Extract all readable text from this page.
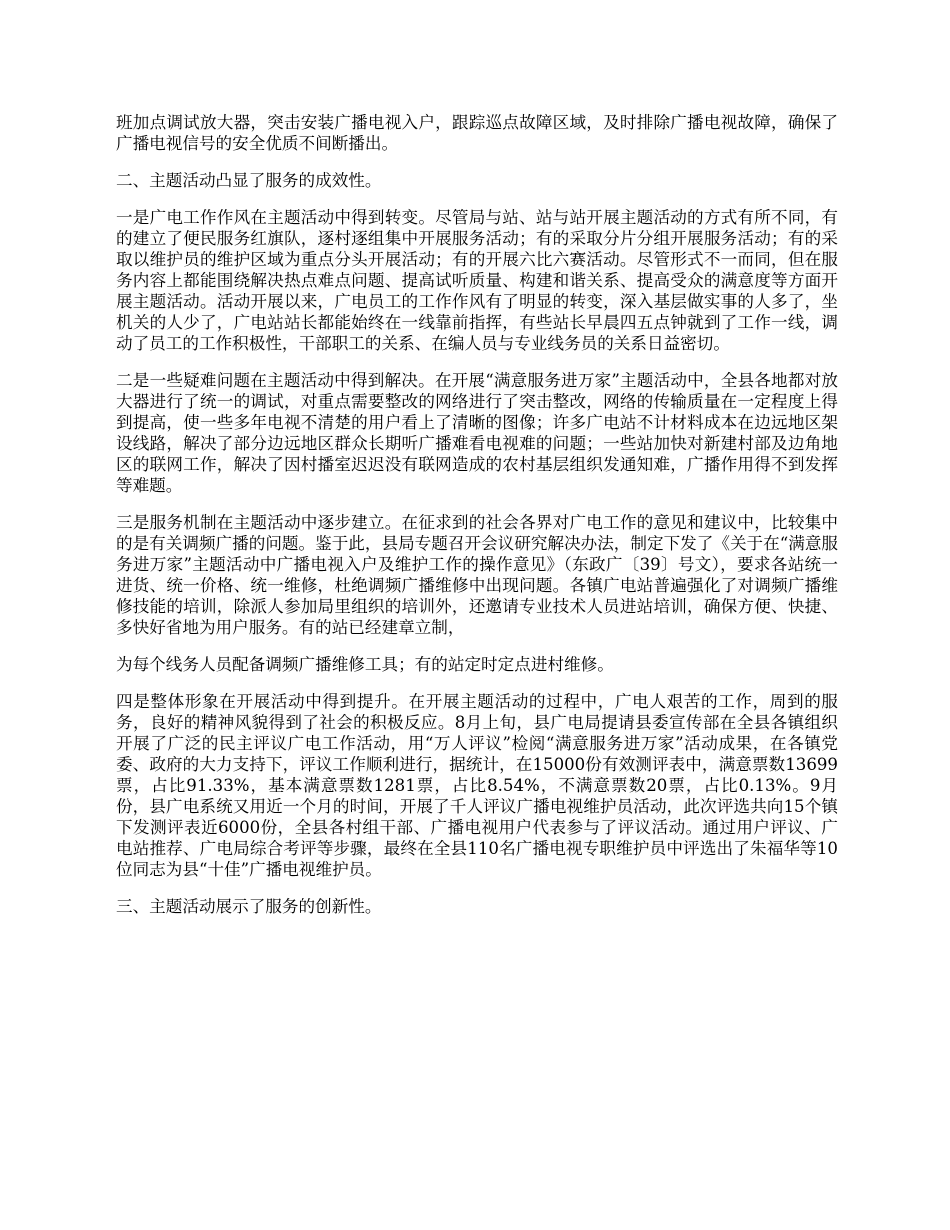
班加点调试放大器，突击安装广播电视入户，跟踪巡点故障区域，及时排除广播电视故障，确保了广播电视信号的安全优质不间断播出。

二、主题活动凸显了服务的成效性。

一是广电工作作风在主题活动中得到转变。尽管局与站、站与站开展主题活动的方式有所不同，有的建立了便民服务红旗队，逐村逐组集中开展服务活动；有的采取分片分组开展服务活动；有的采取以维护员的维护区域为重点分头开展活动；有的开展六比六赛活动。尽管形式不一而同，但在服务内容上都能围绕解决热点难点问题、提高试听质量、构建和谐关系、提高受众的满意度等方面开展主题活动。活动开展以来，广电员工的工作作风有了明显的转变，深入基层做实事的人多了，坐机关的人少了，广电站站长都能始终在一线靠前指挥，有些站长早晨四五点钟就到了工作一线，调动了员工的工作积极性，干部职工的关系、在编人员与专业线务员的关系日益密切。

二是一些疑难问题在主题活动中得到解决。在开展“满意服务进万家”主题活动中，全县各地都对放大器进行了统一的调试，对重点需要整改的网络进行了突击整改，网络的传输质量在一定程度上得到提高，使一些多年电视不清楚的用户看上了清晰的图像；许多广电站不计材料成本在边远地区架设线路，解决了部分边远地区群众长期听广播难看电视难的问题；一些站加快对新建村部及边角地区的联网工作，解决了因村播室迟迟没有联网造成的农村基层组织发通知难，广播作用得不到发挥等难题。

三是服务机制在主题活动中逐步建立。在征求到的社会各界对广电工作的意见和建议中，比较集中的是有关调频广播的问题。鉴于此，县局专题召开会议研究解决办法，制定下发了《关于在“满意服务进万家”主题活动中广播电视入户及维护工作的操作意见》（东政广〔39〕号文），要求各站统一进货、统一价格、统一维修，杜绝调频广播维修中出现问题。各镇广电站普遍强化了对调频广播维修技能的培训，除派人参加局里组织的培训外，还邀请专业技术人员进站培训，确保方便、快捷、多快好省地为用户服务。有的站已经建章立制，

为每个线务人员配备调频广播维修工具；有的站定时定点进村维修。

四是整体形象在开展活动中得到提升。在开展主题活动的过程中，广电人艰苦的工作，周到的服务，良好的精神风貌得到了社会的积极反应。8月上旬，县广电局提请县委宣传部在全县各镇组织开展了广泛的民主评议广电工作活动，用“万人评议”检阅“满意服务进万家”活动成果，在各镇党委、政府的大力支持下，评议工作顺利进行，据统计，在15000份有效测评表中，满意票数13699票，占比91.33%，基本满意票数1281票，占比8.54%，不满意票数20票，占比0.13%。9月份，县广电系统又用近一个月的时间，开展了千人评议广播电视维护员活动，此次评选共向15个镇下发测评表近6000份，全县各村组干部、广播电视用户代表参与了评议活动。通过用户评议、广电站推荐、广电局综合考评等步骤，最终在全县110名广播电视专职维护员中评选出了朱福华等10位同志为县“十佳”广播电视维护员。

三、主题活动展示了服务的创新性。
